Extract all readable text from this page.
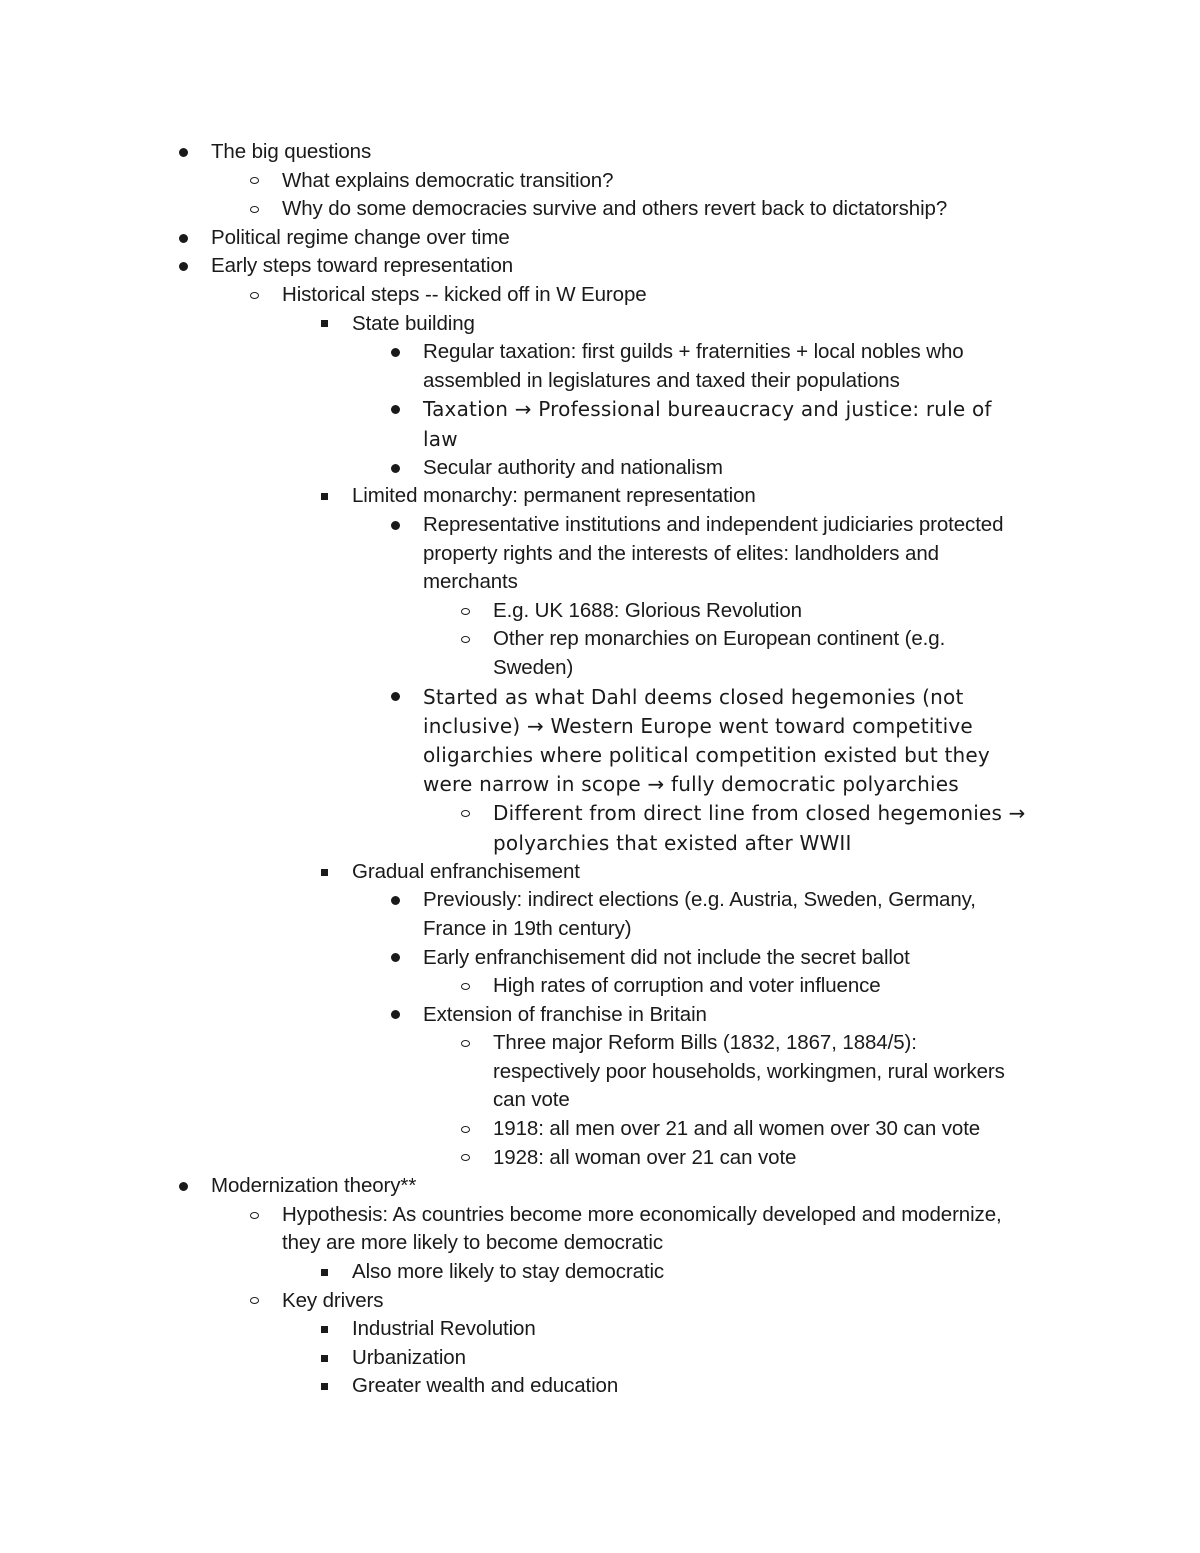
The big questions
What explains democratic transition?
Why do some democracies survive and others revert back to dictatorship?
Political regime change over time
Early steps toward representation
Historical steps -- kicked off in W Europe
State building
Regular taxation: first guilds + fraternities + local nobles who
assembled in legislatures and taxed their populations
Taxation → Professional bureaucracy and justice: rule of
law
Secular authority and nationalism
Limited monarchy: permanent representation
Representative institutions and independent judiciaries protected
property rights and the interests of elites: landholders and
merchants
E.g. UK 1688: Glorious Revolution
Other rep monarchies on European continent (e.g.
Sweden)
Started as what Dahl deems closed hegemonies (not
inclusive) → Western Europe went toward competitive
oligarchies where political competition existed but they
were narrow in scope → fully democratic polyarchies
Different from direct line from closed hegemonies →
polyarchies that existed after WWII
Gradual enfranchisement
Previously: indirect elections (e.g. Austria, Sweden, Germany,
France in 19th century)
Early enfranchisement did not include the secret ballot
High rates of corruption and voter influence
Extension of franchise in Britain
Three major Reform Bills (1832, 1867, 1884/5):
respectively poor households, workingmen, rural workers
can vote
1918: all men over 21 and all women over 30 can vote
1928: all woman over 21 can vote
Modernization theory**
Hypothesis: As countries become more economically developed and modernize,
they are more likely to become democratic
Also more likely to stay democratic
Key drivers
Industrial Revolution
Urbanization
Greater wealth and education
